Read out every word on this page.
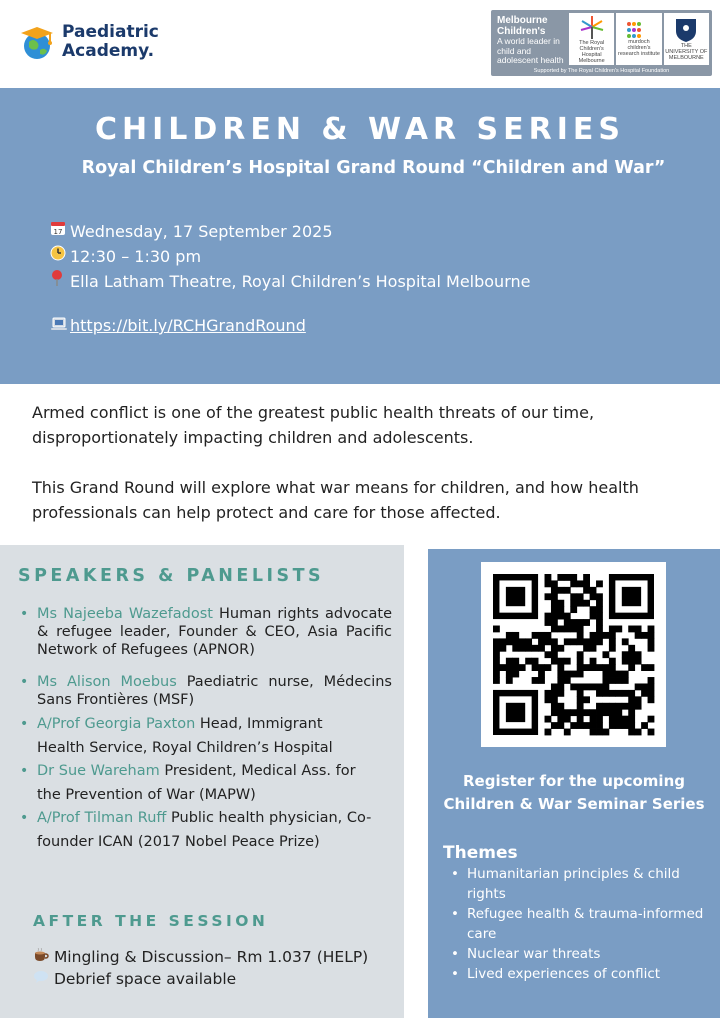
Paediatric
Academy.
Melbourne Children's
A world leader in child and adolescent health
The Royal Children's Hospital Melbourne
murdoch children's research institute
THE UNIVERSITY OF MELBOURNE
Supported by The Royal Children's Hospital Foundation
CHILDREN & WAR SERIES
Royal Children’s Hospital Grand Round “Children and War”
17 Wednesday, 17 September 2025
12:30 – 1:30 pm
Ella Latham Theatre, Royal Children’s Hospital Melbourne
https://bit.ly/RCHGrandRound

Armed conflict is one of the greatest public health threats of our time, disproportionately impacting children and adolescents.

This Grand Round will explore what war means for children, and how health professionals can help protect and care for those affected.

SPEAKERS & PANELISTS
• Ms Najeeba Wazefadost Human rights advocate & refugee leader, Founder & CEO, Asia Pacific Network of Refugees (APNOR)
• Ms Alison Moebus Paediatric nurse, Médecins Sans Frontières (MSF)
• A/Prof Georgia Paxton Head, Immigrant Health Service, Royal Children’s Hospital
• Dr Sue Wareham President, Medical Ass. for the Prevention of War (MAPW)
• A/Prof Tilman Ruff Public health physician, Co-founder ICAN (2017 Nobel Peace Prize)
AFTER THE SESSION
Mingling & Discussion– Rm 1.037 (HELP)
Debrief space available
Register for the upcoming
Children & War Seminar Series
Themes
• Humanitarian principles & child rights
• Refugee health & trauma-informed care
• Nuclear war threats
• Lived experiences of conflict
